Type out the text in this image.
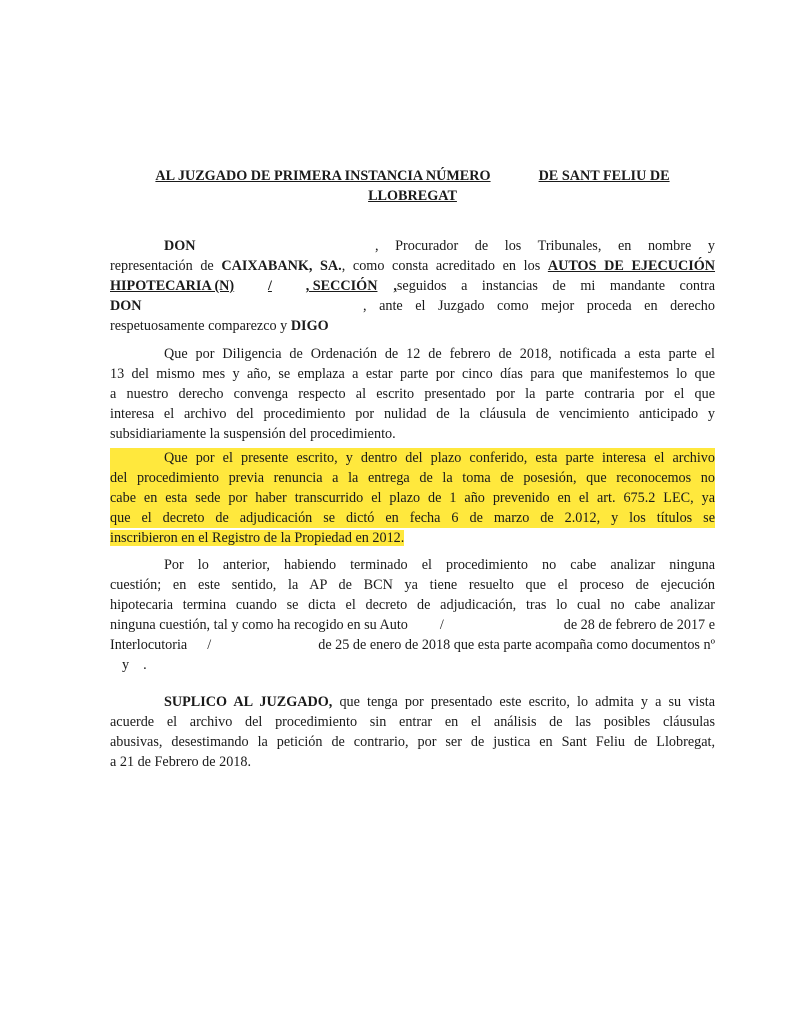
AL JUZGADO DE PRIMERA INSTANCIA NÚMERO	DE SANT FELIU DE
LLOBREGAT
DON	, Procurador de los Tribunales, en nombre y
representación de CAIXABANK, SA., como consta acreditado en los AUTOS DE EJECUCIÓN
HIPOTECARIA (N) / , SECCIÓN , seguidos a instancias de mi mandante contra
DON	, ante el Juzgado como mejor proceda en derecho
respetuosamente comparezco y DIGO
Que por Diligencia de Ordenación de 12 de febrero de 2018, notificada a esta parte el
13 del mismo mes y año, se emplaza a estar parte por cinco días para que manifestemos lo que
a nuestro derecho convenga respecto al escrito presentado por la parte contraria por el que
interesa el archivo del procedimiento por nulidad de la cláusula de vencimiento anticipado y
subsidiariamente la suspensión del procedimiento.
Que por el presente escrito, y dentro del plazo conferido, esta parte interesa el archivo
del procedimiento previa renuncia a la entrega de la toma de posesión, que reconocemos no
cabe en esta sede por haber transcurrido el plazo de 1 año prevenido en el art. 675.2 LEC, ya
que el decreto de adjudicación se dictó en fecha 6 de marzo de 2.012, y los títulos se
inscribieron en el Registro de la Propiedad en 2012.
Por lo anterior, habiendo terminado el procedimiento no cabe analizar ninguna
cuestión; en este sentido, la AP de BCN ya tiene resuelto que el proceso de ejecución
hipotecaria termina cuando se dicta el decreto de adjudicación, tras lo cual no cabe analizar
ninguna cuestión, tal y como ha recogido en su Auto /	de 28 de febrero de 2017 e
Interlocutoria /	de 25 de enero de 2018 que esta parte acompaña como documentos nº
y .
SUPLICO AL JUZGADO, que tenga por presentado este escrito, lo admita y a su vista
acuerde el archivo del procedimiento sin entrar en el análisis de las posibles cláusulas
abusivas, desestimando la petición de contrario, por ser de justica en Sant Feliu de Llobregat,
a 21 de Febrero de 2018.
